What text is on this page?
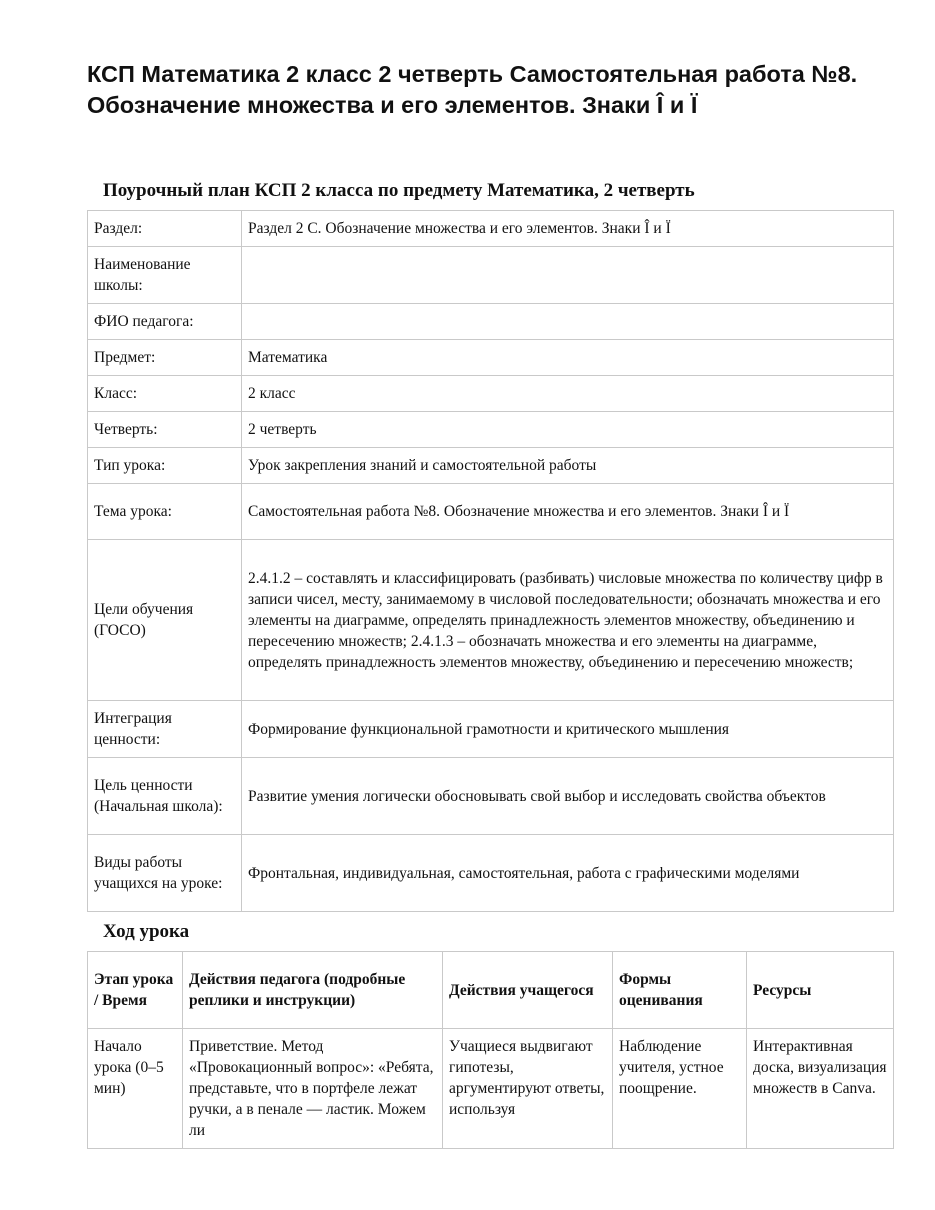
КСП Математика 2 класс 2 четверть Самостоятельная работа №8. Обозначение множества и его элементов. Знаки Î и Ï

Поурочный план КСП 2 класса по предмету Математика, 2 четверть

Раздел:	Раздел 2 С. Обозначение множества и его элементов. Знаки Î и Ï
Наименование школы:	
ФИО педагога:	
Предмет:	Математика
Класс:	2 класс
Четверть:	2 четверть
Тип урока:	Урок закрепления знаний и самостоятельной работы
Тема урока:	Самостоятельная работа №8. Обозначение множества и его элементов. Знаки Î и Ï
Цели обучения (ГОСО)	2.4.1.2 – составлять и классифицировать (разбивать) числовые множества по количеству цифр в записи чисел, месту, занимаемому в числовой последовательности; обозначать множества и его элементы на диаграмме, определять принадлежность элементов множеству, объединению и пересечению множеств; 2.4.1.3 – обозначать множества и его элементы на диаграмме, определять принадлежность элементов множеству, объединению и пересечению множеств;
Интеграция ценности:	Формирование функциональной грамотности и критического мышления
Цель ценности (Начальная школа):	Развитие умения логически обосновывать свой выбор и исследовать свойства объектов
Виды работы учащихся на уроке:	Фронтальная, индивидуальная, самостоятельная, работа с графическими моделями

Ход урока

Этап урока / Время	Действия педагога (подробные реплики и инструкции)	Действия учащегося	Формы оценивания	Ресурсы
Начало урока (0–5 мин)	Приветствие. Метод «Провокационный вопрос»: «Ребята, представьте, что в портфеле лежат ручки, а в пенале — ластик. Можем ли	Учащиеся выдвигают гипотезы, аргументируют ответы, используя	Наблюдение учителя, устное поощрение.	Интерактивная доска, визуализация множеств в Canva.
